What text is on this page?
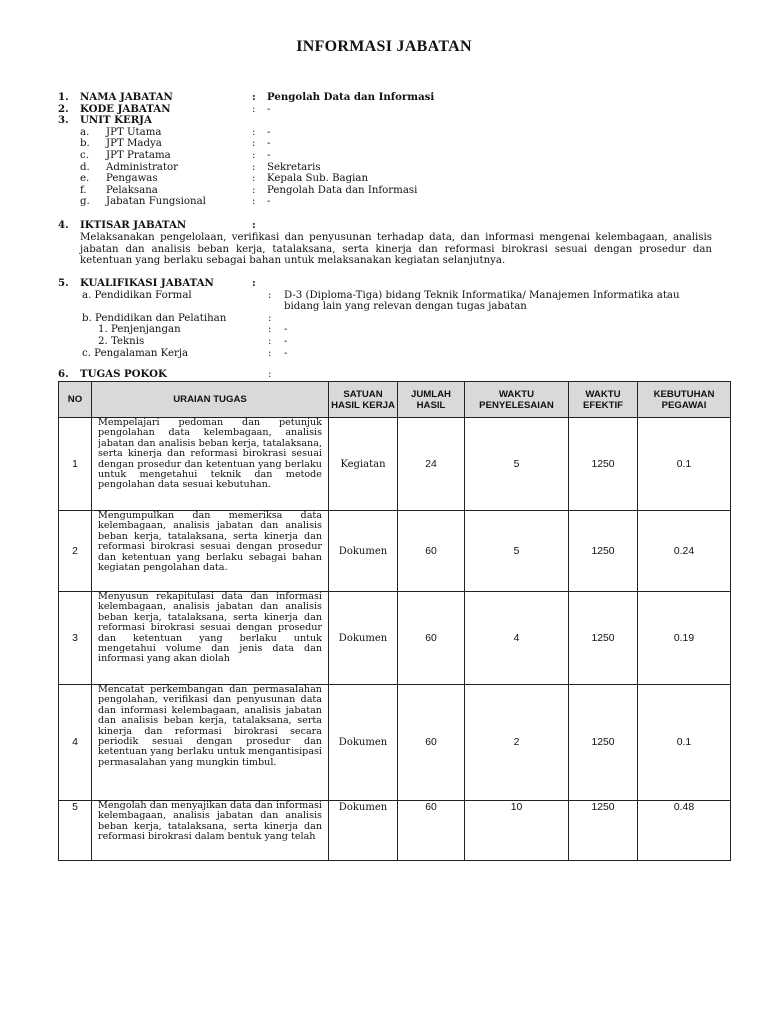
INFORMASI JABATAN
1. NAMA JABATAN	: Pengolah Data dan Informasi
2. KODE JABATAN	: -
3. UNIT KERJA
a. JPT Utama	: -
b. JPT Madya	: -
c. JPT Pratama	: -
d. Administrator	: Sekretaris
e. Pengawas	: Kepala Sub. Bagian
f. Pelaksana	: Pengolah Data dan Informasi
g. Jabatan Fungsional	: -
4. IKTISAR JABATAN	:
Melaksanakan pengelolaan, verifikasi dan penyusunan terhadap data, dan informasi mengenai kelembagaan, analisis jabatan dan analisis beban kerja, tatalaksana, serta kinerja dan reformasi birokrasi sesuai dengan prosedur dan ketentuan yang berlaku sebagai bahan untuk melaksanakan kegiatan selanjutnya.
5. KUALIFIKASI JABATAN	:
a. Pendidikan Formal	: D-3 (Diploma-Tiga) bidang Teknik Informatika/ Manajemen Informatika atau
bidang lain yang relevan dengan tugas jabatan
b. Pendidikan dan Pelatihan	:
1. Penjenjangan	: -
2. Teknis	: -
c. Pengalaman Kerja	: -
6. TUGAS POKOK	:
NO	URAIAN TUGAS	SATUAN HASIL KERJA	JUMLAH HASIL	WAKTU PENYELESAIAN	WAKTU EFEKTIF	KEBUTUHAN PEGAWAI
1	Mempelajari pedoman dan petunjuk pengolahan data kelembagaan, analisis jabatan dan analisis beban kerja, tatalaksana, serta kinerja dan reformasi birokrasi sesuai dengan prosedur dan ketentuan yang berlaku untuk mengetahui teknik dan metode pengolahan data sesuai kebutuhan.	Kegiatan	24	5	1250	0.1
2	Mengumpulkan dan memeriksa data kelembagaan, analisis jabatan dan analisis beban kerja, tatalaksana, serta kinerja dan reformasi birokrasi sesuai dengan prosedur dan ketentuan yang berlaku sebagai bahan kegiatan pengolahan data.	Dokumen	60	5	1250	0.24
3	Menyusun rekapitulasi data dan informasi kelembagaan, analisis jabatan dan analisis beban kerja, tatalaksana, serta kinerja dan reformasi birokrasi sesuai dengan prosedur dan ketentuan yang berlaku untuk mengetahui volume dan jenis data dan informasi yang akan diolah	Dokumen	60	4	1250	0.19
4	Mencatat perkembangan dan permasalahan pengolahan, verifikasi dan penyusunan data dan informasi kelembagaan, analisis jabatan dan analisis beban kerja, tatalaksana, serta kinerja dan reformasi birokrasi secara periodik sesuai dengan prosedur dan ketentuan yang berlaku untuk mengantisipasi permasalahan yang mungkin timbul.	Dokumen	60	2	1250	0.1
5	Mengolah dan menyajikan data dan informasi kelembagaan, analisis jabatan dan analisis beban kerja, tatalaksana, serta kinerja dan reformasi birokrasi dalam bentuk yang telah	Dokumen	60	10	1250	0.48
